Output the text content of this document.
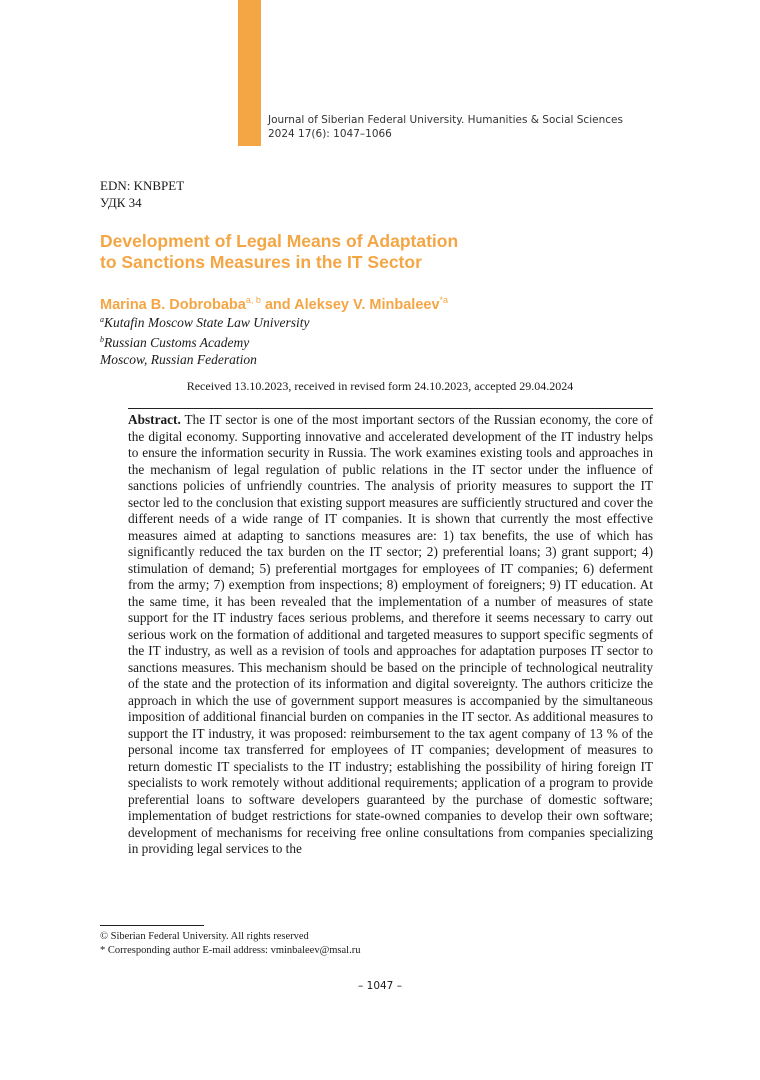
Journal of Siberian Federal University. Humanities & Social Sciences
2024 17(6): 1047–1066
EDN: KNBPET
УДК 34
Development of Legal Means of Adaptation
to Sanctions Measures in the IT Sector
Marina B. Dobrobaba$^{a, b}$ and Aleksey V. Minbaleev$^{*a}$
$^a$Kutafin Moscow State Law University
$^b$Russian Customs Academy
Moscow, Russian Federation
Received 13.10.2023, received in revised form 24.10.2023, accepted 29.04.2024
Abstract. The IT sector is one of the most important sectors of the Russian economy, the core of the digital economy. Supporting innovative and accelerated development of the IT industry helps to ensure the information security in Russia. The work examines existing tools and approaches in the mechanism of legal regulation of public relations in the IT sector under the influence of sanctions policies of unfriendly countries. The analysis of priority measures to support the IT sector led to the conclusion that existing support measures are sufficiently structured and cover the different needs of a wide range of IT companies. It is shown that currently the most effective measures aimed at adapting to sanctions measures are: 1) tax benefits, the use of which has significantly reduced the tax burden on the IT sector; 2) preferential loans; 3) grant support; 4) stimulation of demand; 5) preferential mortgages for employees of IT companies; 6) deferment from the army; 7) exemption from inspections; 8) employment of foreigners; 9) IT education. At the same time, it has been revealed that the implementation of a number of measures of state support for the IT industry faces serious problems, and therefore it seems necessary to carry out serious work on the formation of additional and targeted measures to support specific segments of the IT industry, as well as a revision of tools and approaches for adaptation purposes IT sector to sanctions measures. This mechanism should be based on the principle of technological neutrality of the state and the protection of its information and digital sovereignty. The authors criticize the approach in which the use of government support measures is accompanied by the simultaneous imposition of additional financial burden on companies in the IT sector. As additional measures to support the IT industry, it was proposed: reimbursement to the tax agent company of 13 % of the personal income tax transferred for employees of IT companies; development of measures to return domestic IT specialists to the IT industry; establishing the possibility of hiring foreign IT specialists to work remotely without additional requirements; application of a program to provide preferential loans to software developers guaranteed by the purchase of domestic software; implementation of budget restrictions for state-owned companies to develop their own software; development of mechanisms for receiving free online consultations from companies specializing in providing legal services to the
© Siberian Federal University. All rights reserved
* Corresponding author E-mail address: vminbaleev@msal.ru
– 1047 –
